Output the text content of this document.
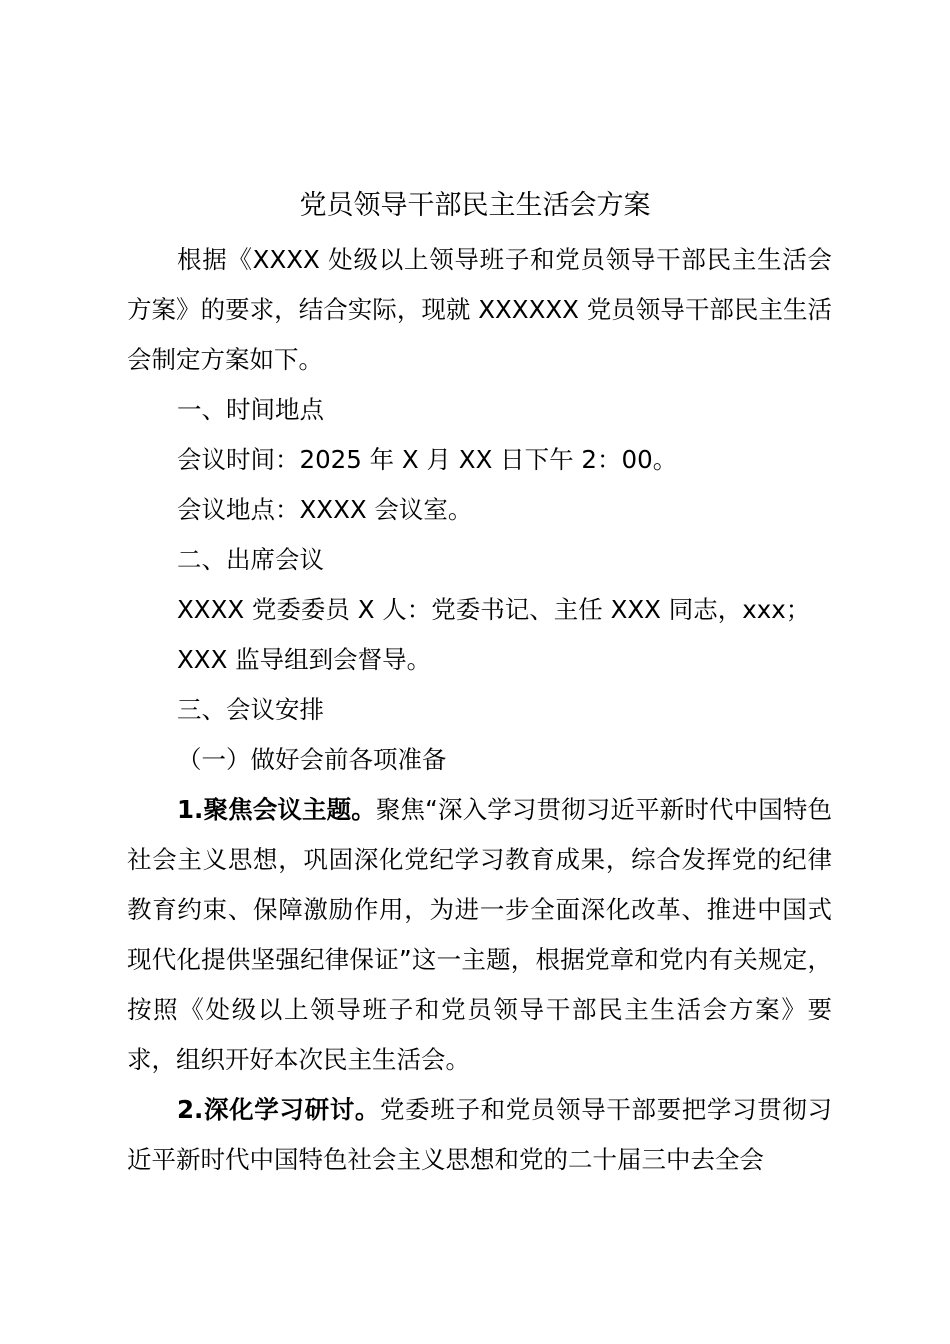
党员领导干部民主生活会方案

根据《XXXX 处级以上领导班子和党员领导干部民主生活会方案》的要求，结合实际，现就 XXXXXX 党员领导干部民主生活会制定方案如下。

一、时间地点

会议时间：2025 年 X 月 XX 日下午 2：00。

会议地点：XXXX 会议室。

二、出席会议

XXXX 党委委员 X 人：党委书记、主任 XXX 同志，xxx；

XXX 监导组到会督导。

三、会议安排

（一）做好会前各项准备

1.聚焦会议主题。聚焦“深入学习贯彻习近平新时代中国特色社会主义思想，巩固深化党纪学习教育成果，综合发挥党的纪律教育约束、保障激励作用，为进一步全面深化改革、推进中国式现代化提供坚强纪律保证”这一主题，根据党章和党内有关规定，按照《处级以上领导班子和党员领导干部民主生活会方案》要求，组织开好本次民主生活会。

2.深化学习研讨。党委班子和党员领导干部要把学习贯彻习近平新时代中国特色社会主义思想和党的二十届三中去全会
